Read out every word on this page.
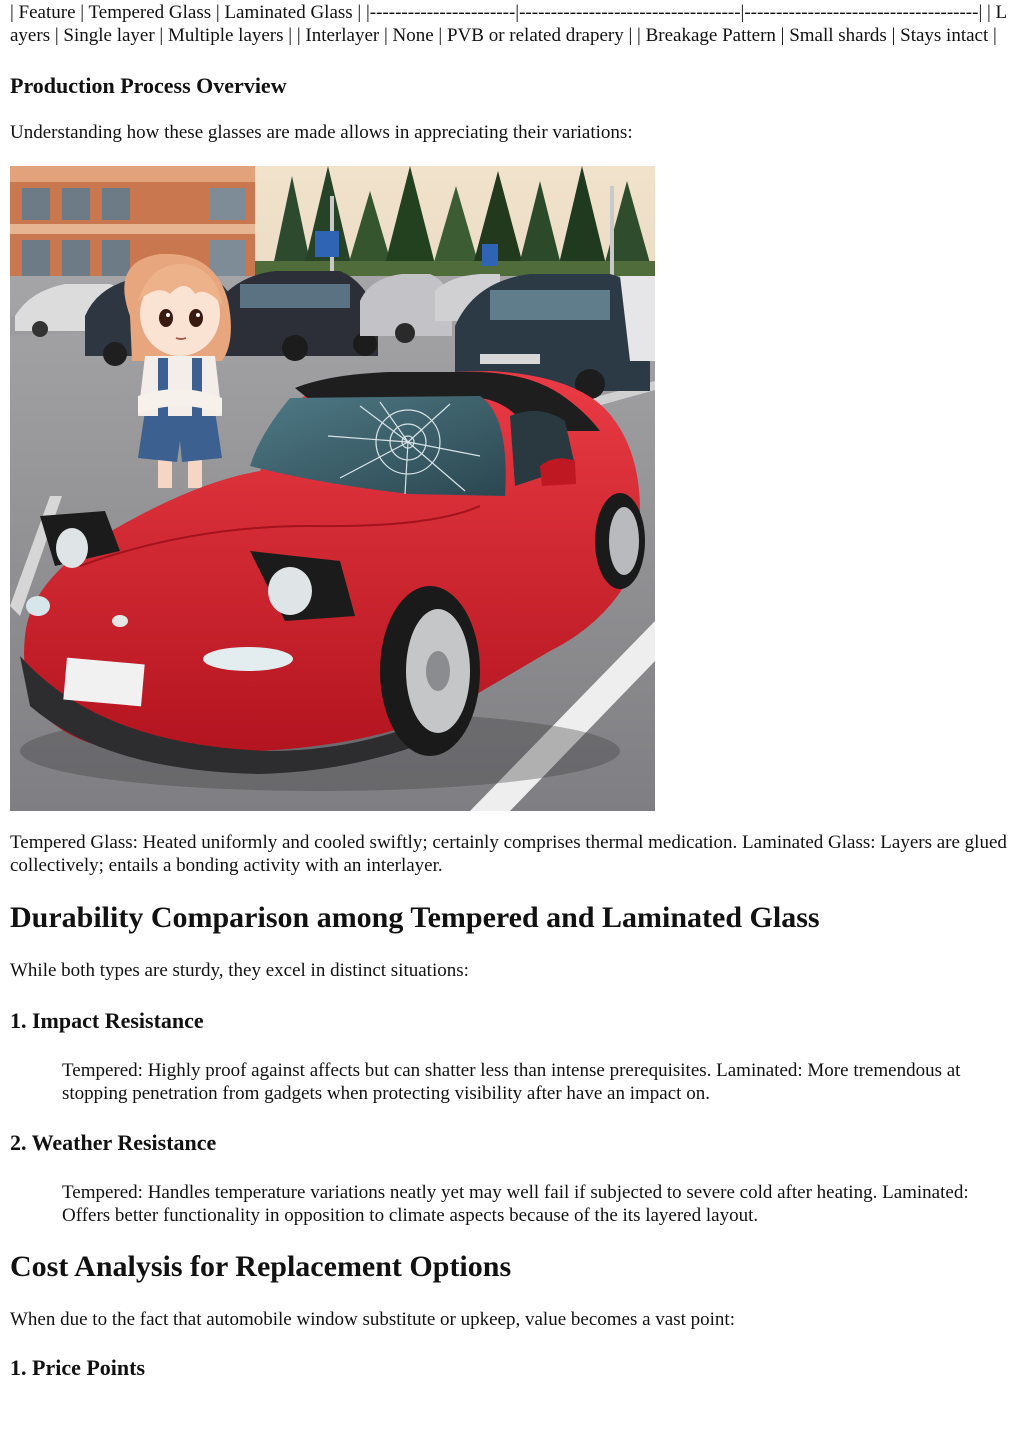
| Feature | Tempered Glass | Laminated Glass | |-----------------------|-----------------------------------|-------------------------------------| | Layers | Single layer | Multiple layers | | Interlayer | None | PVB or related drapery | | Breakage Pattern | Small shards | Stays intact |

Production Process Overview

Understanding how these glasses are made allows in appreciating their variations:

Tempered Glass: Heated uniformly and cooled swiftly; certainly comprises thermal medication. Laminated Glass: Layers are glued collectively; entails a bonding activity with an interlayer.

Durability Comparison among Tempered and Laminated Glass

While both types are sturdy, they excel in distinct situations:

1. Impact Resistance
Tempered: Highly proof against affects but can shatter less than intense prerequisites. Laminated: More tremendous at stopping penetration from gadgets when protecting visibility after have an impact on.
2. Weather Resistance
Tempered: Handles temperature variations neatly yet may well fail if subjected to severe cold after heating. Laminated: Offers better functionality in opposition to climate aspects because of the its layered layout.
Cost Analysis for Replacement Options

When due to the fact that automobile window substitute or upkeep, value becomes a vast point:

1. Price Points
